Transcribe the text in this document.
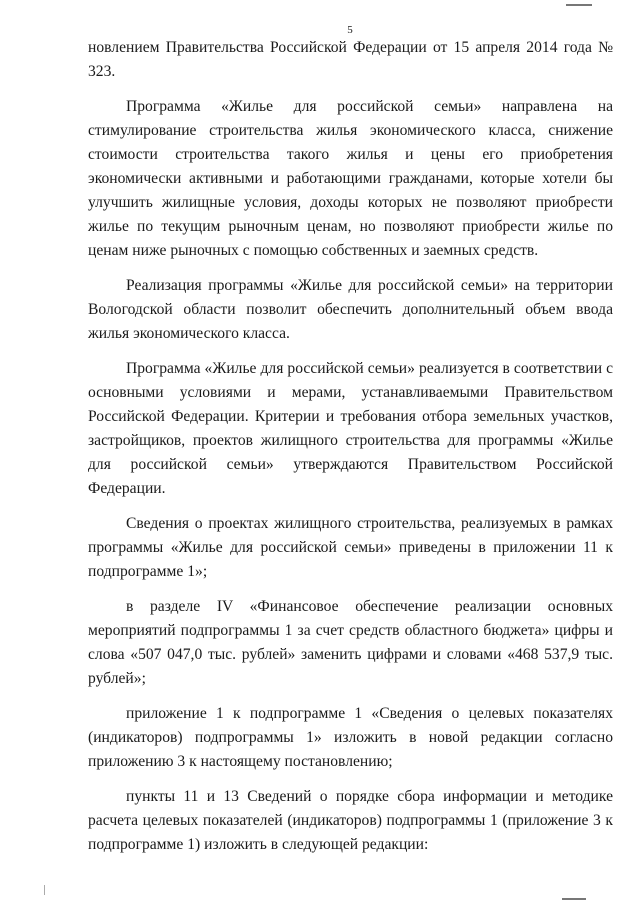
5

новлением Правительства Российской Федерации от 15 апреля 2014 года № 323.

Программа «Жилье для российской семьи» направлена на стимулирование строительства жилья экономического класса, снижение стоимости строительства такого жилья и цены его приобретения экономически активными и работающими гражданами, которые хотели бы улучшить жилищные условия, доходы которых не позволяют приобрести жилье по текущим рыночным ценам, но позволяют приобрести жилье по ценам ниже рыночных с помощью собственных и заемных средств.

Реализация программы «Жилье для российской семьи» на территории Вологодской области позволит обеспечить дополнительный объем ввода жилья экономического класса.

Программа «Жилье для российской семьи» реализуется в соответствии с основными условиями и мерами, устанавливаемыми Правительством Российской Федерации. Критерии и требования отбора земельных участков, застройщиков, проектов жилищного строительства для программы «Жилье для российской семьи» утверждаются Правительством Российской Федерации.

Сведения о проектах жилищного строительства, реализуемых в рамках программы «Жилье для российской семьи» приведены в приложении 11 к подпрограмме 1»;

в разделе IV «Финансовое обеспечение реализации основных мероприятий подпрограммы 1 за счет средств областного бюджета» цифры и слова «507 047,0 тыс. рублей» заменить цифрами и словами «468 537,9 тыс. рублей»;

приложение 1 к подпрограмме 1 «Сведения о целевых показателях (индикаторов) подпрограммы 1» изложить в новой редакции согласно приложению 3 к настоящему постановлению;

пункты 11 и 13 Сведений о порядке сбора информации и методике расчета целевых показателей (индикаторов) подпрограммы 1 (приложение 3 к подпрограмме 1) изложить в следующей редакции:
